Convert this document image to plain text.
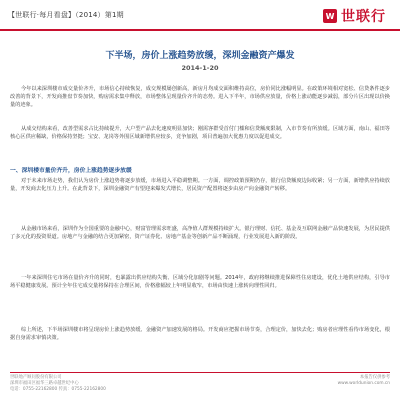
【世联行·每月看盘】（2014）第1期	W 世联行
下半场，房价上涨趋势放缓，深圳金融资产爆发
2014-1-20

今年以来深圳楼市成交量价齐升，市场信心持续恢复，成交规模屡创新高，新房月均成交面积维持高位，房价同比涨幅明显。在政策环境相对宽松、信贷条件逐步改善的背景下，开发商推盘节奏加快，购房需求集中释放，市场整体呈现量价齐升的态势。进入下半年，市场供应放量，价格上涨动能逐步减弱，部分片区出现以价换量的迹象。

从成交结构来看，改善型需求占比持续提升，大户型产品去化速度明显加快；刚需客群受首付门槛和信贷额度限制，入市节奏有所放缓。区域方面，南山、福田等核心区供应稀缺，价格保持坚挺；宝安、龙岗等外围区域新增供应较多，竞争加剧，项目普遍加大优惠力度以促进成交。

一、深圳楼市量价齐升，房价上涨趋势逐步放缓

对于未来市场走势，我们认为房价上涨趋势将逐步放缓，市场进入平稳调整期。一方面，调控政策预期仍存，银行信贷额度边际收紧；另一方面，新增供应持续放量，开发商去化压力上升。在此背景下，深圳金融资产有望迎来爆发式增长，居民资产配置将逐步由房产向金融资产转移。

从金融市场来看，深圳作为全国重要的金融中心，财富管理需求旺盛，高净值人群规模持续扩大。银行理财、信托、基金及互联网金融产品快速发展，为居民提供了多元化的投资渠道。房地产与金融的结合更加紧密，资产证券化、房地产基金等创新产品不断涌现，行业发展进入新的阶段。

一年来深圳住宅市场在量价齐升的同时，也暴露出供应结构失衡、区域分化加剧等问题。2014年，政府将继续推进保障性住房建设，优化土地供应结构，引导市场平稳健康发展。预计全年住宅成交量将保持在合理区间，价格涨幅较上年明显收窄，市场由快速上涨转向理性回归。

综上所述，下半场深圳楼市将呈现房价上涨趋势放缓、金融资产加速发展的格局。开发商应把握市场节奏，合理定价，加快去化；购房者应理性看待市场变化，根据自身需求审慎决策。

世联地产顾问股份有限公司
深圳市福田区福华三路卓越世纪中心
电话：0755-22162800 传真：0755-22162800
本报告仅供参考
www.worldunion.com.cn
